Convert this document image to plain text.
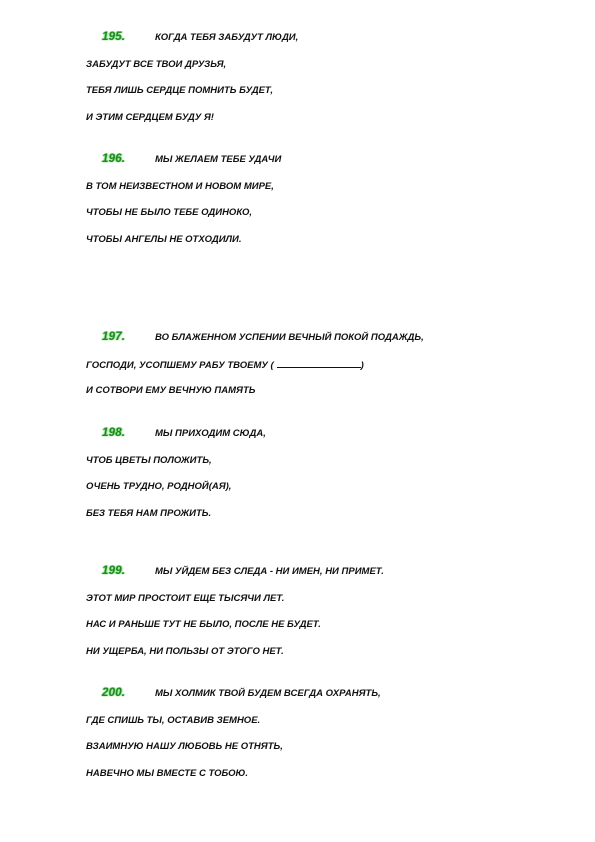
195.	КОГДА ТЕБЯ ЗАБУДУТ ЛЮДИ,
ЗАБУДУТ ВСЕ ТВОИ ДРУЗЬЯ,
ТЕБЯ ЛИШЬ СЕРДЦЕ ПОМНИТЬ БУДЕТ,
И ЭТИМ СЕРДЦЕМ БУДУ Я!
196.	МЫ ЖЕЛАЕМ ТЕБЕ УДАЧИ
В ТОМ НЕИЗВЕСТНОМ И НОВОМ МИРЕ,
ЧТОБЫ НЕ БЫЛО ТЕБЕ ОДИНОКО,
ЧТОБЫ АНГЕЛЫ НЕ ОТХОДИЛИ.
197.	ВО БЛАЖЕННОМ УСПЕНИИ ВЕЧНЫЙ ПОКОЙ ПОДАЖДЬ,
ГОСПОДИ, УСОПШЕМУ РАБУ ТВОЕМУ (	)
И СОТВОРИ ЕМУ ВЕЧНУЮ ПАМЯТЬ
198.	МЫ ПРИХОДИМ СЮДА,
ЧТОБ ЦВЕТЫ ПОЛОЖИТЬ,
ОЧЕНЬ ТРУДНО, РОДНОЙ(АЯ),
БЕЗ ТЕБЯ НАМ ПРОЖИТЬ.
199.	МЫ УЙДЕМ БЕЗ СЛЕДА - НИ ИМЕН, НИ ПРИМЕТ.
ЭТОТ МИР ПРОСТОИТ ЕЩЕ ТЫСЯЧИ ЛЕТ.
НАС И РАНЬШЕ ТУТ НЕ БЫЛО, ПОСЛЕ НЕ БУДЕТ.
НИ УЩЕРБА, НИ ПОЛЬЗЫ ОТ ЭТОГО НЕТ.
200.	МЫ ХОЛМИК ТВОЙ БУДЕМ ВСЕГДА ОХРАНЯТЬ,
ГДЕ СПИШЬ ТЫ, ОСТАВИВ ЗЕМНОЕ.
ВЗАИМНУЮ НАШУ ЛЮБОВЬ НЕ ОТНЯТЬ,
НАВЕЧНО МЫ ВМЕСТЕ С ТОБОЮ.
